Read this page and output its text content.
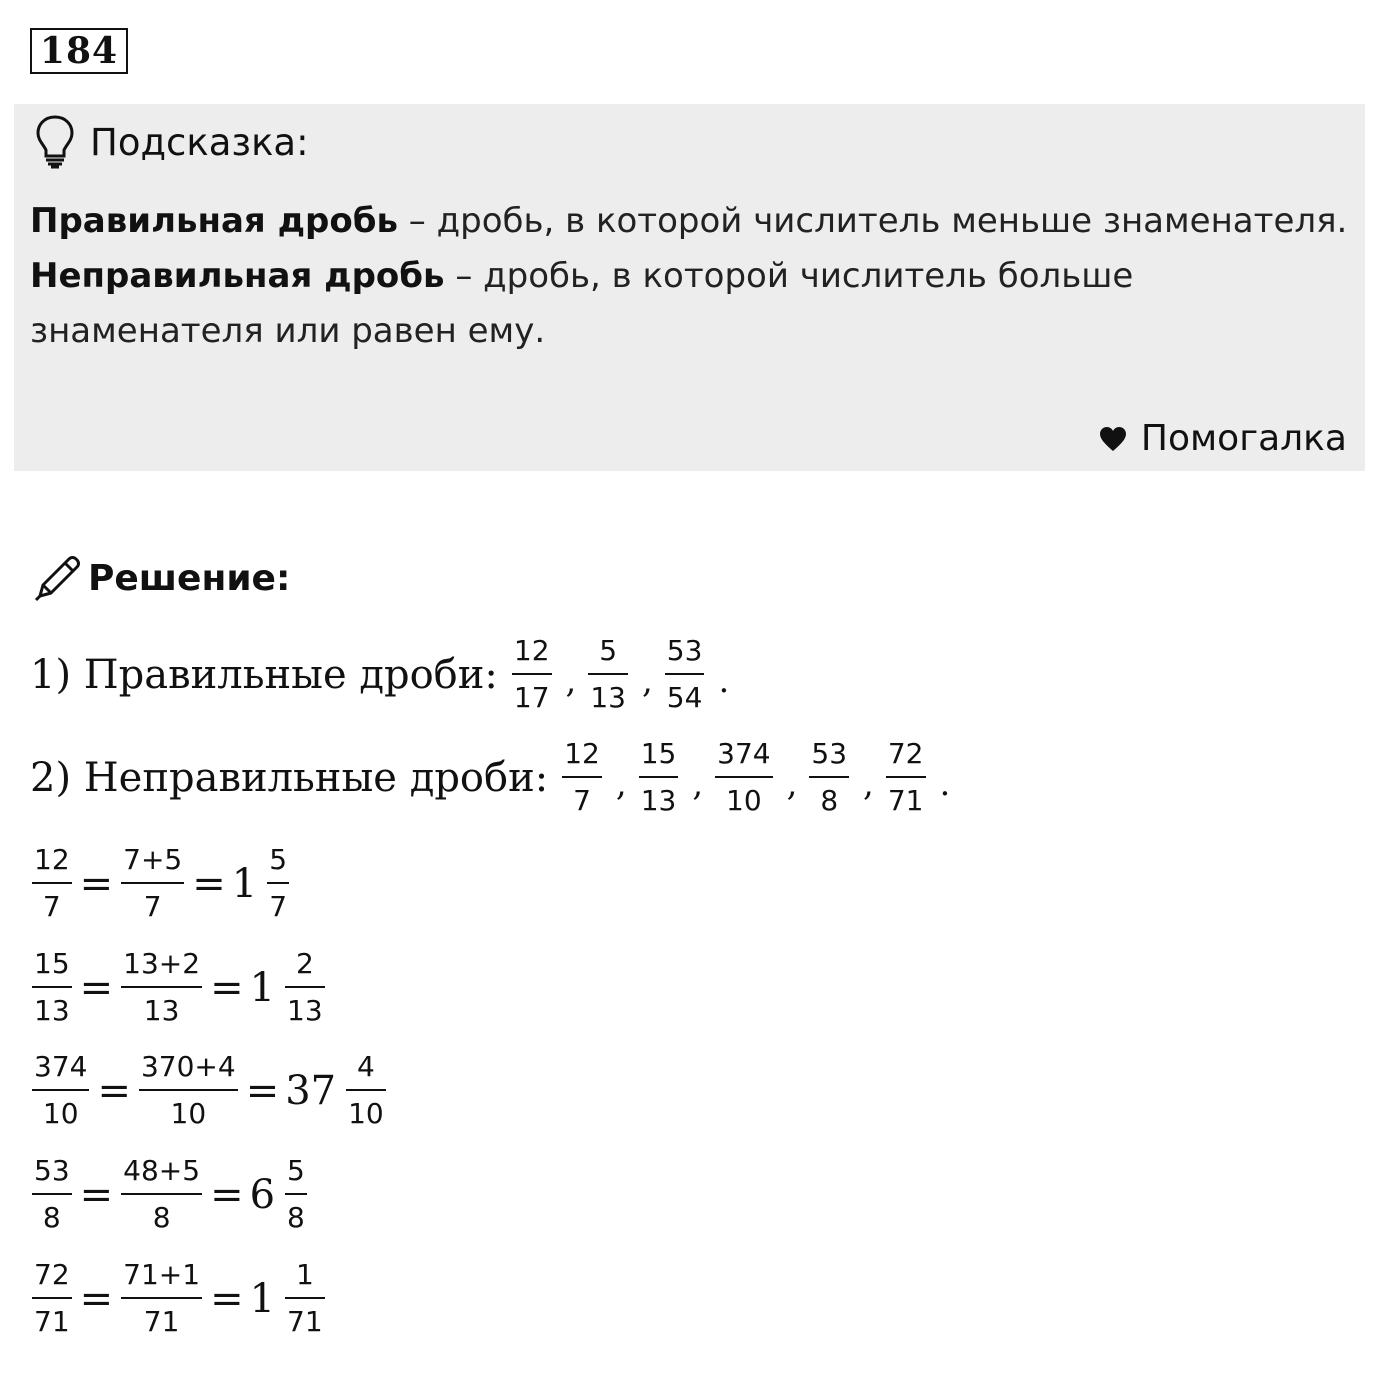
184
Подсказка:
Правильная дробь – дробь, в которой числитель меньше знаменателя.
Неправильная дробь – дробь, в которой числитель больше знаменателя или равен ему.
Помогалка
Решение:
1) Правильные дроби: $\frac{12}{17}$ , $\frac{5}{13}$ , $\frac{53}{54}$ .
2) Неправильные дроби: $\frac{12}{7}$ , $\frac{15}{13}$ , $\frac{374}{10}$ , $\frac{53}{8}$ , $\frac{72}{71}$ .
$\frac{12}{7} = \frac{7+5}{7} = 1 \frac{5}{7}$
$\frac{15}{13} = \frac{13+2}{13} = 1 \frac{2}{13}$
$\frac{374}{10} = \frac{370+4}{10} = 37 \frac{4}{10}$
$\frac{53}{8} = \frac{48+5}{8} = 6 \frac{5}{8}$
$\frac{72}{71} = \frac{71+1}{71} = 1 \frac{1}{71}$
